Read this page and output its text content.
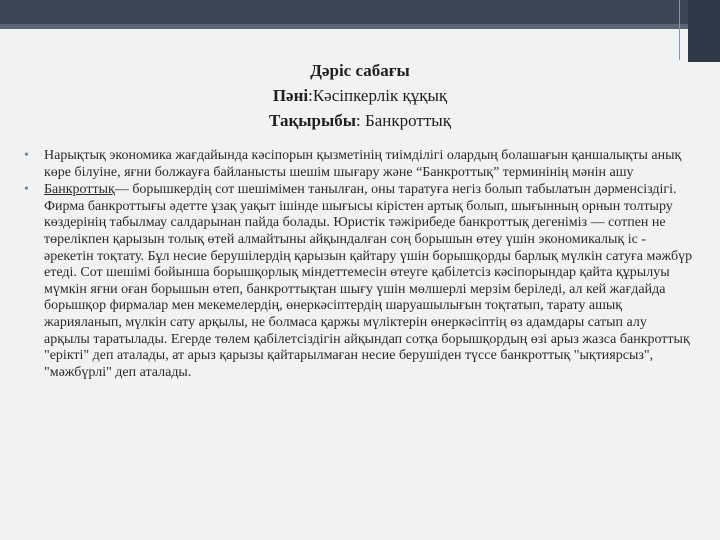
Дәріс сабағы
Пәні:Кәсіпкерлік құқық
Тақырыбы: Банкроттық
• Нарықтық экономика жағдайында кәсіпорын қызметінің тиімділігі олардың болашағын қаншалықты анық көре білуіне, яғни болжауға байланысты шешім шығару және “Банкроттық” терминінің мәнін ашу
• Банкроттық— борышкердің сот шешімімен танылған, оны таратуға негіз болып табылатын дәрменсіздігі. Фирма банкроттығы әдетте ұзақ уақыт ішінде шығысы кірістен артық болып, шығынның орнын толтыру көздерінің табылмау салдарынан пайда болады. Юристік тәжірибеде банкроттық дегеніміз — сотпен не төрелікпен қарызын толық өтей алмайтыны айқындалған соң борышын өтеу үшін экономикалық іс - әрекетін тоқтату. Бұл несие берушілердің қарызын қайтару үшін борышқорды барлық мүлкін сатуға мәжбүр етеді. Сот шешімі бойынша борышқорлық міндеттемесін өтеуге қабілетсіз кәсіпорындар қайта құрылуы мүмкін яғни оған борышын өтеп, банкроттықтан шығу үшін мөлшерлі мерзім беріледі, ал кей жағдайда борышқор фирмалар мен мекемелердің, өнеркәсіптердің шаруашылығын тоқтатып, тарату ашық жарияланып, мүлкін сату арқылы, не болмаса қаржы мүліктерін өнеркәсіптің өз адамдары сатып алу арқылы таратылады. Егерде төлем қабілетсіздігін айқындап сотқа борышқордың өзі арыз жазса банкроттық "ерікті" деп аталады, ат арыз қарызы қайтарылмаған несие берушіден түссе банкроттық "ықтиярсыз", "мәжбүрлі" деп аталады.
